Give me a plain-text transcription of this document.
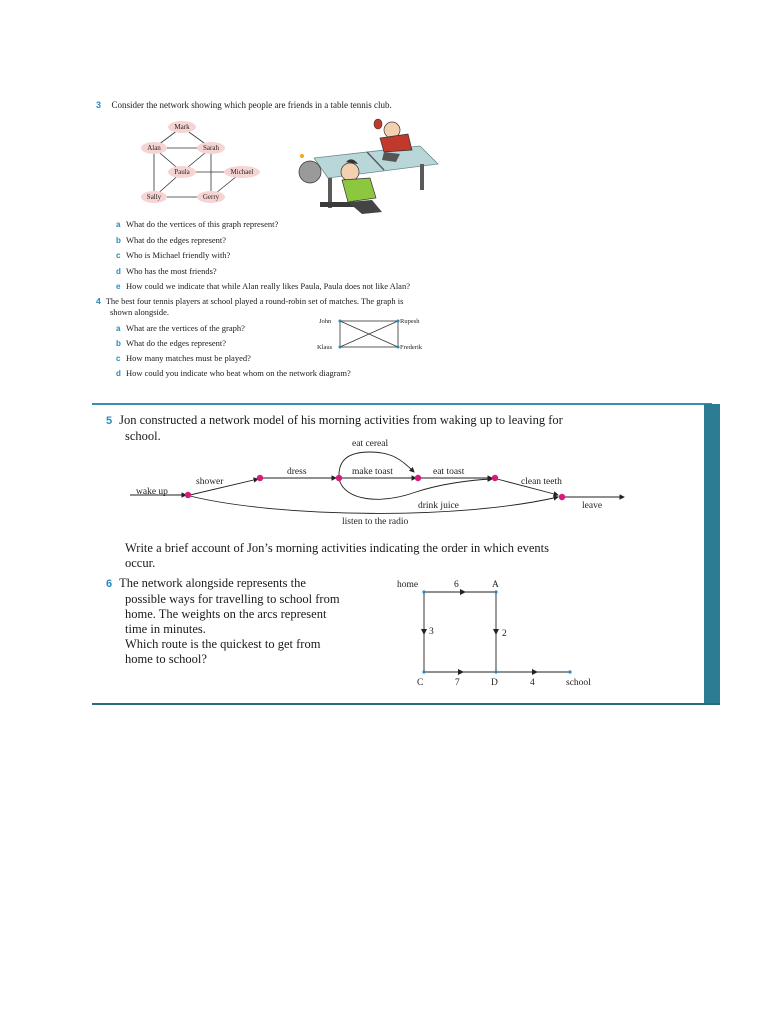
3 Consider the network showing which people are friends in a table tennis club.
Mark
Alan	Sarah
Paula	Michael
Sally	Gerry
a What do the vertices of this graph represent?
b What do the edges represent?
c Who is Michael friendly with?
d Who has the most friends?
e How could we indicate that while Alan really likes Paula, Paula does not like Alan?
4 The best four tennis players at school played a round-robin set of matches. The graph is
shown alongside.
a What are the vertices of the graph?
b What do the edges represent?
c How many matches must be played?
d How could you indicate who beat whom on the network diagram?
John	Rupesh
Klaus	Frederik
5 Jon constructed a network model of his morning activities from waking up to leaving for
school.
eat cereal
dress	make toast	eat toast
shower	clean teeth
wake up
drink juice	leave
listen to the radio
Write a brief account of Jon’s morning activities indicating the order in which events
occur.
6 The network alongside represents the
possible ways for travelling to school from
home. The weights on the arcs represent
time in minutes.
Which route is the quickest to get from
home to school?
home	A
C	D	school
6
3	2
7	4
